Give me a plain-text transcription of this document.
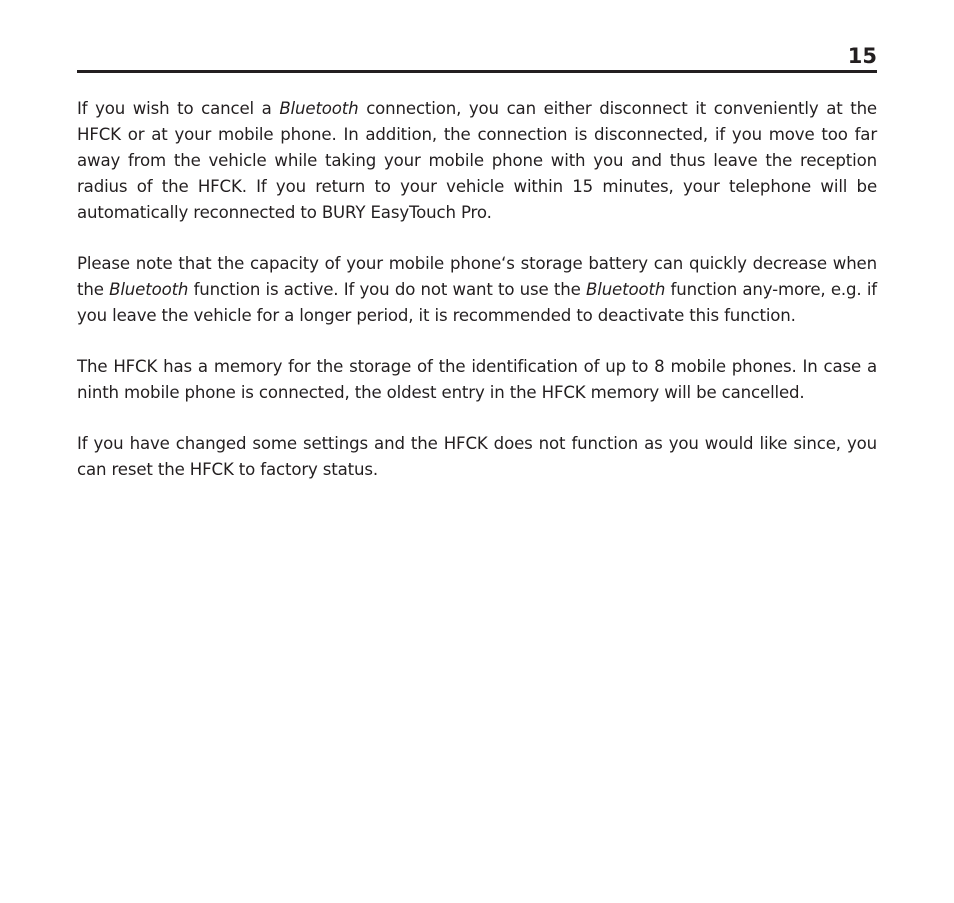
15

If you wish to cancel a Bluetooth connection, you can either disconnect it conveniently at the HFCK or at your mobile phone. In addition, the connection is disconnected, if you move too far away from the vehicle while taking your mobile phone with you and thus leave the reception radius of the HFCK. If you return to your vehicle within 15 minutes, your telephone will be automatically reconnected to BURY EasyTouch Pro.

Please note that the capacity of your mobile phone‘s storage battery can quickly decrease when the Bluetooth function is active. If you do not want to use the Bluetooth function any-more, e.g. if you leave the vehicle for a longer period, it is recommended to deactivate this function.

The HFCK has a memory for the storage of the identification of up to 8 mobile phones. In case a ninth mobile phone is connected, the oldest entry in the HFCK memory will be cancelled.

If you have changed some settings and the HFCK does not function as you would like since, you can reset the HFCK to factory status.
